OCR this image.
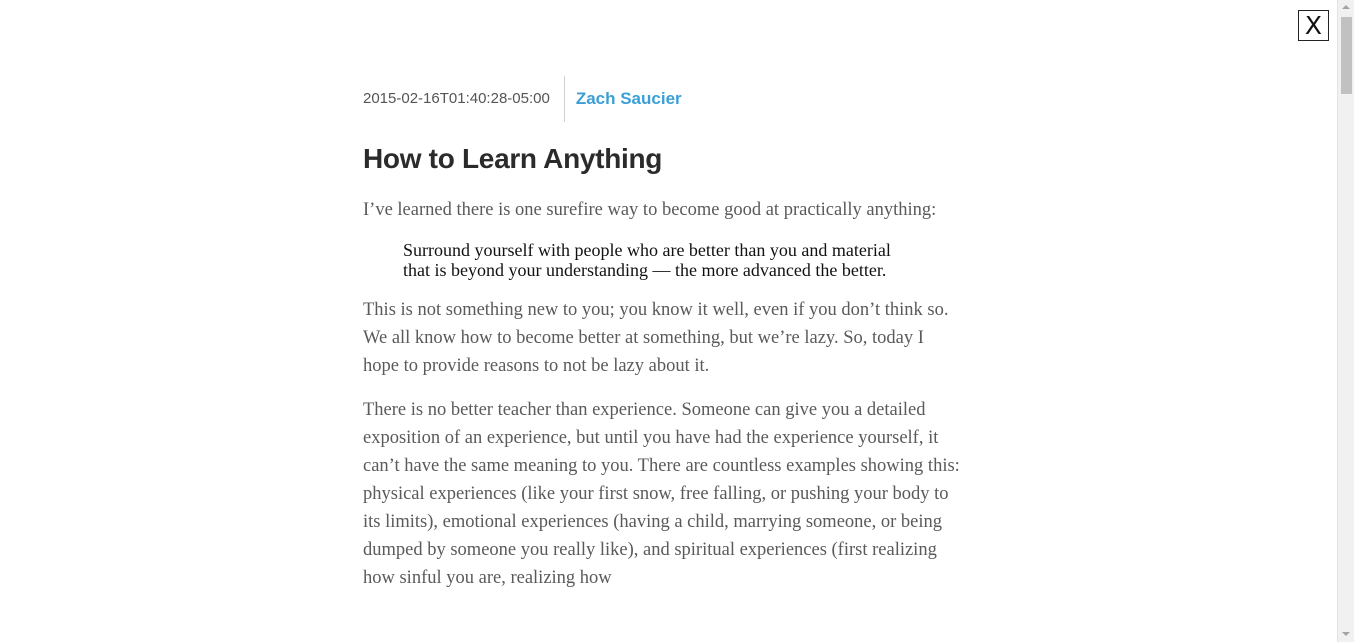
X
2015-02-16T01:40:28-05:00	Zach Saucier
How to Learn Anything

I’ve learned there is one surefire way to become good at practically anything:

Surround yourself with people who are better than you and material that is beyond your understanding — the more advanced the better.

This is not something new to you; you know it well, even if you don’t think so. We all know how to become better at something, but we’re lazy. So, today I hope to provide reasons to not be lazy about it.

There is no better teacher than experience. Someone can give you a detailed exposition of an experience, but until you have had the experience yourself, it can’t have the same meaning to you. There are countless examples showing this: physical experiences (like your first snow, free falling, or pushing your body to its limits), emotional experiences (having a child, marrying someone, or being dumped by someone you really like), and spiritual experiences (first realizing how sinful you are, realizing how
